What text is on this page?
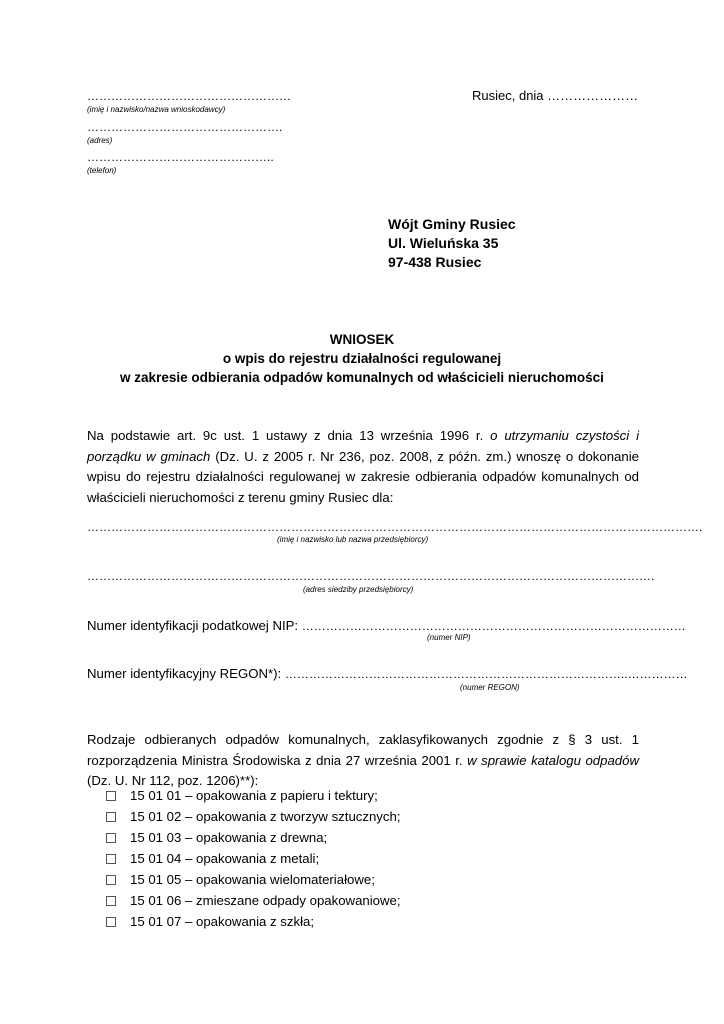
……………………………………………
(imię i nazwisko/nazwa wnioskodawcy)
………………………………………….
(adres)
………………………………………..
(telefon)
Rusiec, dnia …………………
Wójt Gminy Rusiec
Ul. Wieluńska 35
97-438 Rusiec
WNIOSEK
o wpis do rejestru działalności regulowanej
w zakresie odbierania odpadów komunalnych od właścicieli nieruchomości
Na podstawie art. 9c ust. 1 ustawy z dnia 13 września 1996 r. o utrzymaniu czystości i porządku w gminach (Dz. U. z 2005 r. Nr 236, poz. 2008, z późn. zm.) wnoszę o dokonanie wpisu do rejestru działalności regulowanej w zakresie odbierania odpadów komunalnych od właścicieli nieruchomości z terenu gminy Rusiec dla:
……………………………………………………………………………………………………………………………………….
(imię i nazwisko lub nazwa przedsiębiorcy)
…………………………………………………………………………………………………………………………….
(adres siedziby przedsiębiorcy)
Numer identyfikacji podatkowej NIP: ……………………………………………………………………………………
(numer NIP)
Numer identyfikacyjny REGON*): …………………………………………………………………………..……………
(numer REGON)
Rodzaje odbieranych odpadów komunalnych, zaklasyfikowanych zgodnie z § 3 ust. 1 rozporządzenia Ministra Środowiska z dnia 27 września 2001 r. w sprawie katalogu odpadów (Dz. U. Nr 112, poz. 1206)**):
15 01 01 – opakowania z papieru i tektury;
15 01 02 – opakowania z tworzyw sztucznych;
15 01 03 – opakowania z drewna;
15 01 04 – opakowania z metali;
15 01 05 – opakowania wielomateriałowe;
15 01 06 – zmieszane odpady opakowaniowe;
15 01 07 – opakowania z szkła;
